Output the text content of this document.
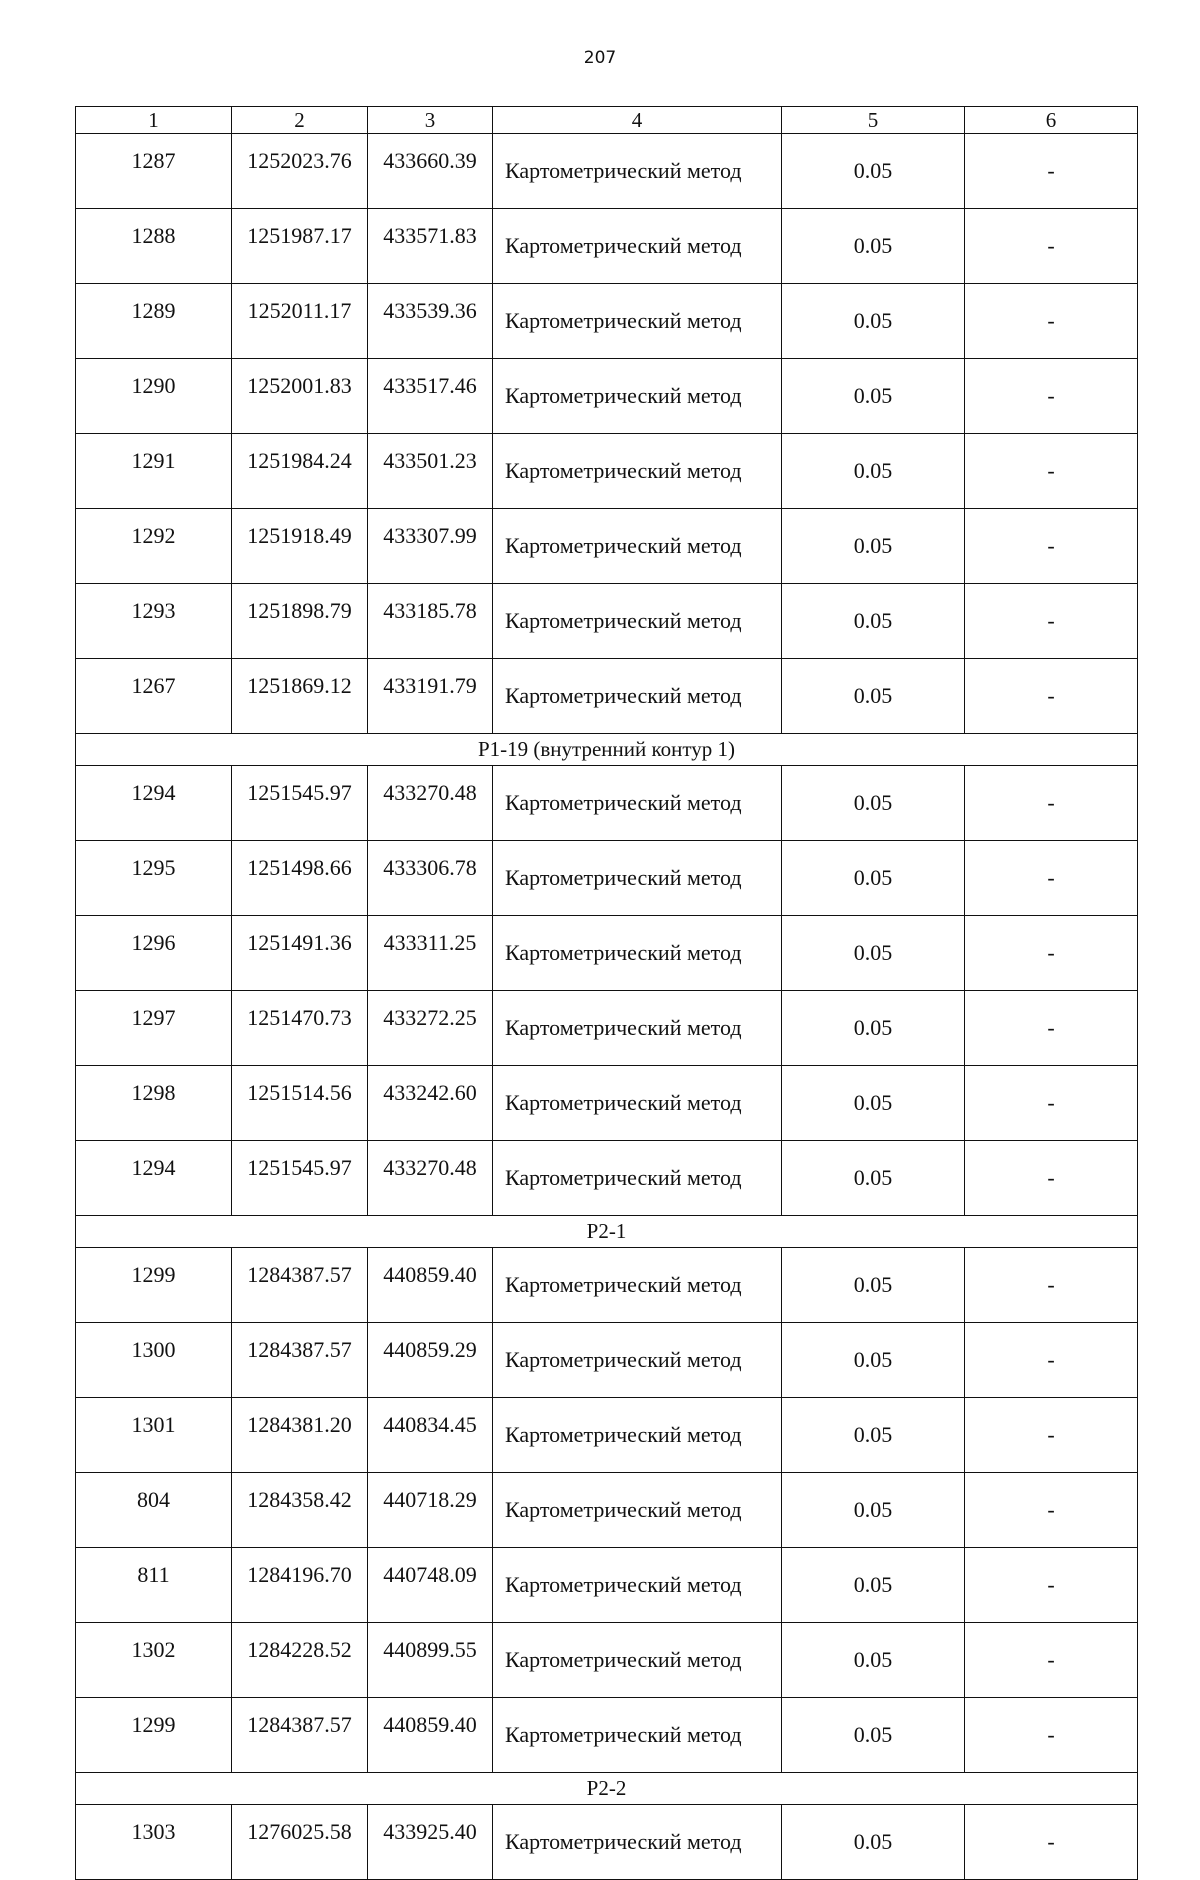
207
1	2	3	4	5	6
1287	1252023.76	433660.39	Картометрический метод	0.05	-
1288	1251987.17	433571.83	Картометрический метод	0.05	-
1289	1252011.17	433539.36	Картометрический метод	0.05	-
1290	1252001.83	433517.46	Картометрический метод	0.05	-
1291	1251984.24	433501.23	Картометрический метод	0.05	-
1292	1251918.49	433307.99	Картометрический метод	0.05	-
1293	1251898.79	433185.78	Картометрический метод	0.05	-
1267	1251869.12	433191.79	Картометрический метод	0.05	-
Р1-19 (внутренний контур 1)					
1294	1251545.97	433270.48	Картометрический метод	0.05	-
1295	1251498.66	433306.78	Картометрический метод	0.05	-
1296	1251491.36	433311.25	Картометрический метод	0.05	-
1297	1251470.73	433272.25	Картометрический метод	0.05	-
1298	1251514.56	433242.60	Картометрический метод	0.05	-
1294	1251545.97	433270.48	Картометрический метод	0.05	-
Р2-1					
1299	1284387.57	440859.40	Картометрический метод	0.05	-
1300	1284387.57	440859.29	Картометрический метод	0.05	-
1301	1284381.20	440834.45	Картометрический метод	0.05	-
804	1284358.42	440718.29	Картометрический метод	0.05	-
811	1284196.70	440748.09	Картометрический метод	0.05	-
1302	1284228.52	440899.55	Картометрический метод	0.05	-
1299	1284387.57	440859.40	Картометрический метод	0.05	-
Р2-2					
1303	1276025.58	433925.40	Картометрический метод	0.05	-
